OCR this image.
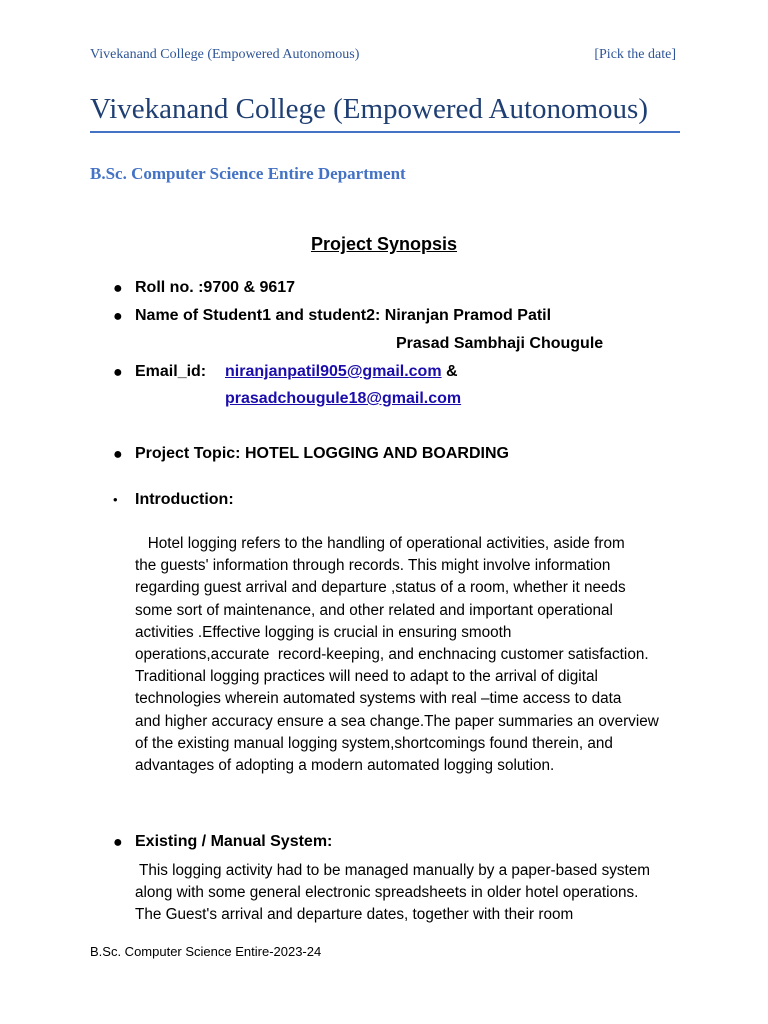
Vivekanand College (Empowered Autonomous)	[Pick the date]
Vivekanand College (Empowered Autonomous)
B.Sc. Computer Science Entire Department
Project Synopsis
● Roll no. :9700 & 9617
● Name of Student1 and student2: Niranjan Pramod Patil
Prasad Sambhaji Chougule
● Email_id: niranjanpatil905@gmail.com &
prasadchougule18@gmail.com
● Project Topic: HOTEL LOGGING AND BOARDING
• Introduction:
Hotel logging refers to the handling of operational activities, aside from
the guests' information through records. This might involve information
regarding guest arrival and departure ,status of a room, whether it needs
some sort of maintenance, and other related and important operational
activities .Effective logging is crucial in ensuring smooth
operations,accurate  record-keeping, and enchnacing customer satisfaction.
Traditional logging practices will need to adapt to the arrival of digital
technologies wherein automated systems with real –time access to data
and higher accuracy ensure a sea change.The paper summaries an overview
of the existing manual logging system,shortcomings found therein, and
advantages of adopting a modern automated logging solution.
● Existing / Manual System:
This logging activity had to be managed manually by a paper-based system
along with some general electronic spreadsheets in older hotel operations.
The Guest's arrival and departure dates, together with their room
B.Sc. Computer Science Entire-2023-24
